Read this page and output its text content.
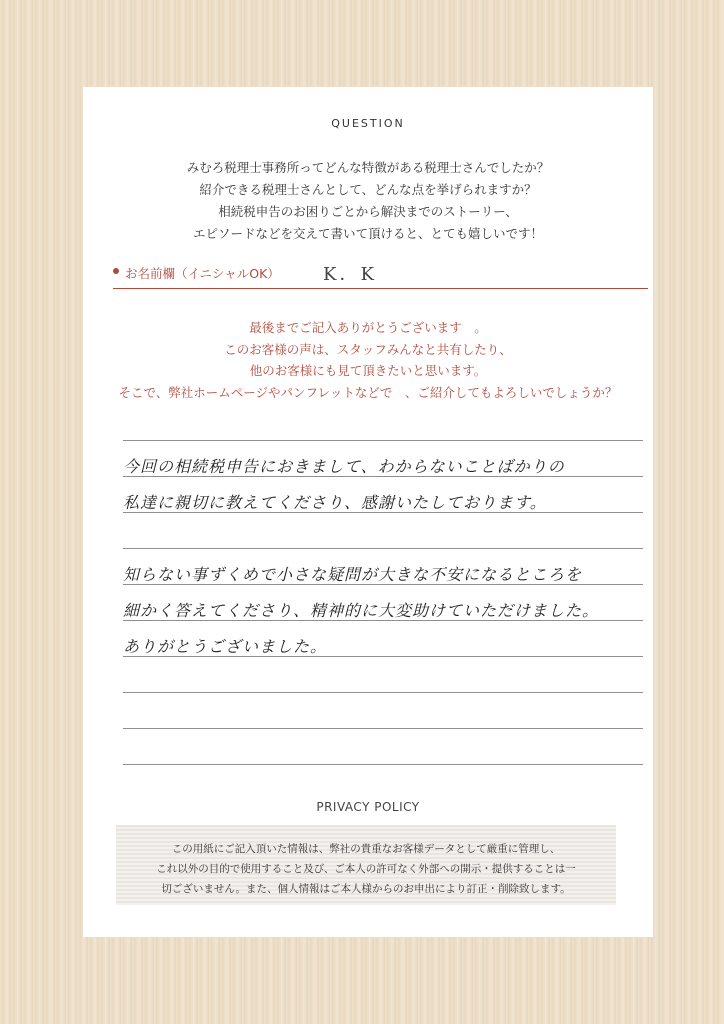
QUESTION
みむろ税理士事務所ってどんな特徴がある税理士さんでしたか？
紹介できる税理士さんとして、どんな点を挙げられますか？
相続税申告のお困りごとから解決までのストーリー、
エピソードなどを交えて書いて頂けると、とても嬉しいです！
お名前欄（イニシャルOK） K．K
最後までご記入ありがとうございます　。
このお客様の声は、スタッフみんなと共有したり、
他のお客様にも見て頂きたいと思います。
そこで、弊社ホームページやパンフレットなどで　、ご紹介してもよろしいでしょうか？
今回の相続税申告におきまして、わからないことばかりの
私達に親切に教えてくださり、感謝いたしております。
知らない事ずくめで小さな疑問が大きな不安になるところを
細かく答えてくださり、精神的に大変助けていただけました。
ありがとうございました。
PRIVACY POLICY
この用紙にご記入頂いた情報は、弊社の貴重なお客様データとして厳重に管理し、
これ以外の目的で使用すること及び、ご本人の許可なく外部への開示・提供することは一
切ございません。また、個人情報はご本人様からのお申出により訂正・削除致します。
